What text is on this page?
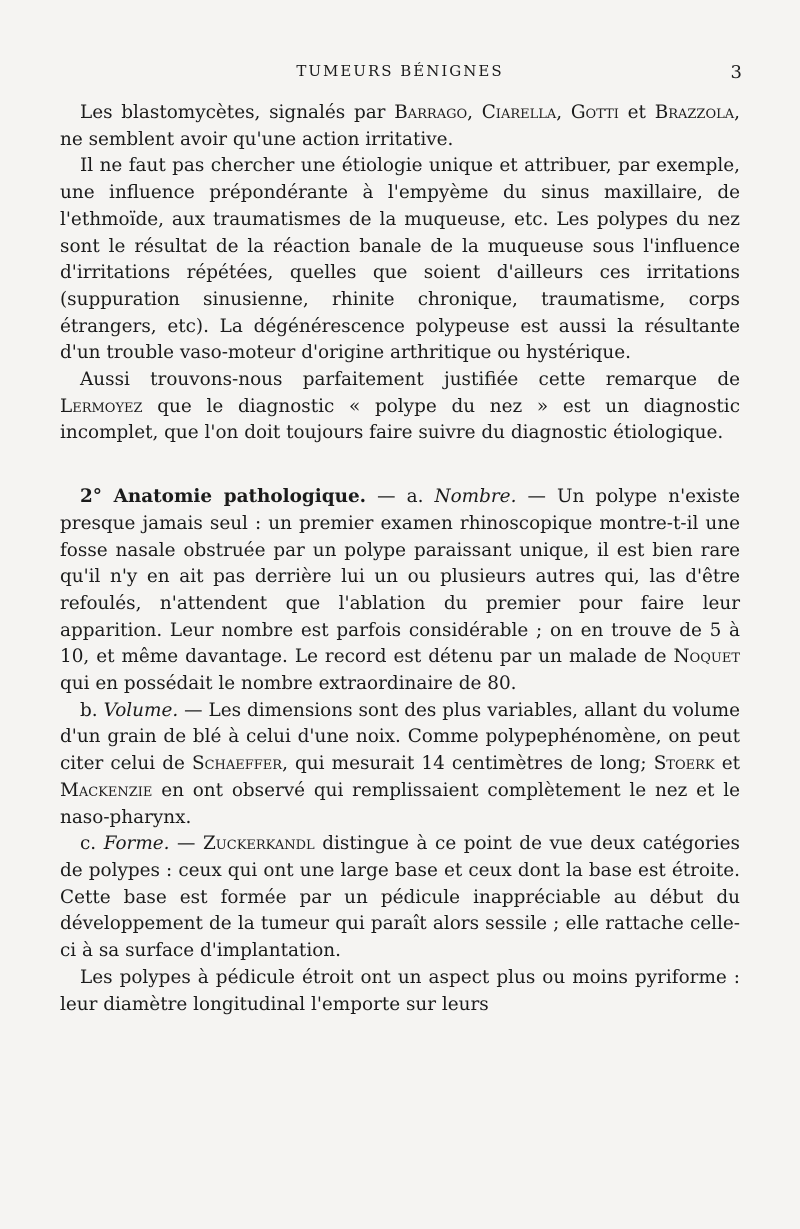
TUMEURS BÉNIGNES	3

Les blastomycètes, signalés par Barrago, Ciarella, Gotti et Brazzola, ne semblent avoir qu'une action irritative.

Il ne faut pas chercher une étiologie unique et attribuer, par exemple, une influence prépondérante à l'empyème du sinus maxillaire, de l'ethmoïde, aux traumatismes de la muqueuse, etc. Les polypes du nez sont le résultat de la réaction banale de la muqueuse sous l'influence d'irritations répétées, quelles que soient d'ailleurs ces irritations (suppuration sinusienne, rhinite chronique, traumatisme, corps étrangers, etc). La dégénérescence polypeuse est aussi la résultante d'un trouble vaso-moteur d'origine arthritique ou hystérique.

Aussi trouvons-nous parfaitement justifiée cette remarque de Lermoyez que le diagnostic « polype du nez » est un diagnostic incomplet, que l'on doit toujours faire suivre du diagnostic étiologique.

2° Anatomie pathologique. — a. Nombre. — Un polype n'existe presque jamais seul : un premier examen rhinoscopique montre-t-il une fosse nasale obstruée par un polype paraissant unique, il est bien rare qu'il n'y en ait pas derrière lui un ou plusieurs autres qui, las d'être refoulés, n'attendent que l'ablation du premier pour faire leur apparition. Leur nombre est parfois considérable ; on en trouve de 5 à 10, et même davantage. Le record est détenu par un malade de Noquet qui en possédait le nombre extraordinaire de 80.

b. Volume. — Les dimensions sont des plus variables, allant du volume d'un grain de blé à celui d'une noix. Comme polypephénomène, on peut citer celui de Schaeffer, qui mesurait 14 centimètres de long; Stoerk et Mackenzie en ont observé qui remplissaient complètement le nez et le naso-pharynx.

c. Forme. — Zuckerkandl distingue à ce point de vue deux catégories de polypes : ceux qui ont une large base et ceux dont la base est étroite. Cette base est formée par un pédicule inappréciable au début du développement de la tumeur qui paraît alors sessile ; elle rattache celle-ci à sa surface d'implantation.

Les polypes à pédicule étroit ont un aspect plus ou moins pyriforme : leur diamètre longitudinal l'emporte sur leurs
